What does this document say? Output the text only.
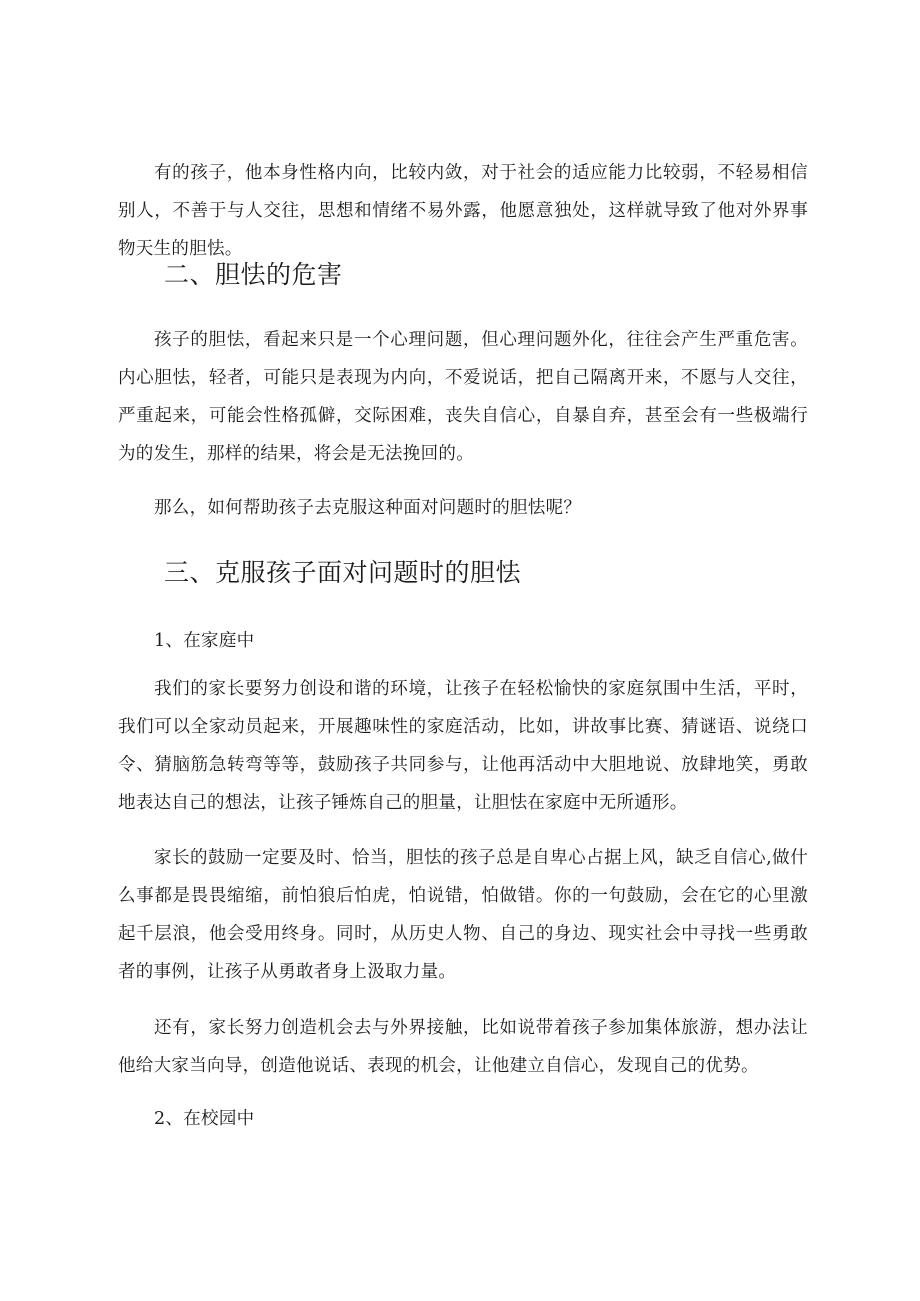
有的孩子，他本身性格内向，比较内敛，对于社会的适应能力比较弱，不轻易相信别人，不善于与人交往，思想和情绪不易外露，他愿意独处，这样就导致了他对外界事物天生的胆怯。

二、胆怯的危害

孩子的胆怯，看起来只是一个心理问题，但心理问题外化，往往会产生严重危害。内心胆怯，轻者，可能只是表现为内向，不爱说话，把自己隔离开来，不愿与人交往，严重起来，可能会性格孤僻，交际困难，丧失自信心，自暴自弃，甚至会有一些极端行为的发生，那样的结果，将会是无法挽回的。

那么，如何帮助孩子去克服这种面对问题时的胆怯呢？

三、克服孩子面对问题时的胆怯

1、在家庭中

我们的家长要努力创设和谐的环境，让孩子在轻松愉快的家庭氛围中生活，平时，我们可以全家动员起来，开展趣味性的家庭活动，比如，讲故事比赛、猜谜语、说绕口令、猜脑筋急转弯等等，鼓励孩子共同参与，让他再活动中大胆地说、放肆地笑，勇敢地表达自己的想法，让孩子锤炼自己的胆量，让胆怯在家庭中无所遁形。

家长的鼓励一定要及时、恰当，胆怯的孩子总是自卑心占据上风，缺乏自信心,做什么事都是畏畏缩缩，前怕狼后怕虎，怕说错，怕做错。你的一句鼓励，会在它的心里激起千层浪，他会受用终身。同时，从历史人物、自己的身边、现实社会中寻找一些勇敢者的事例，让孩子从勇敢者身上汲取力量。

还有，家长努力创造机会去与外界接触，比如说带着孩子参加集体旅游，想办法让他给大家当向导，创造他说话、表现的机会，让他建立自信心，发现自己的优势。

2、在校园中
